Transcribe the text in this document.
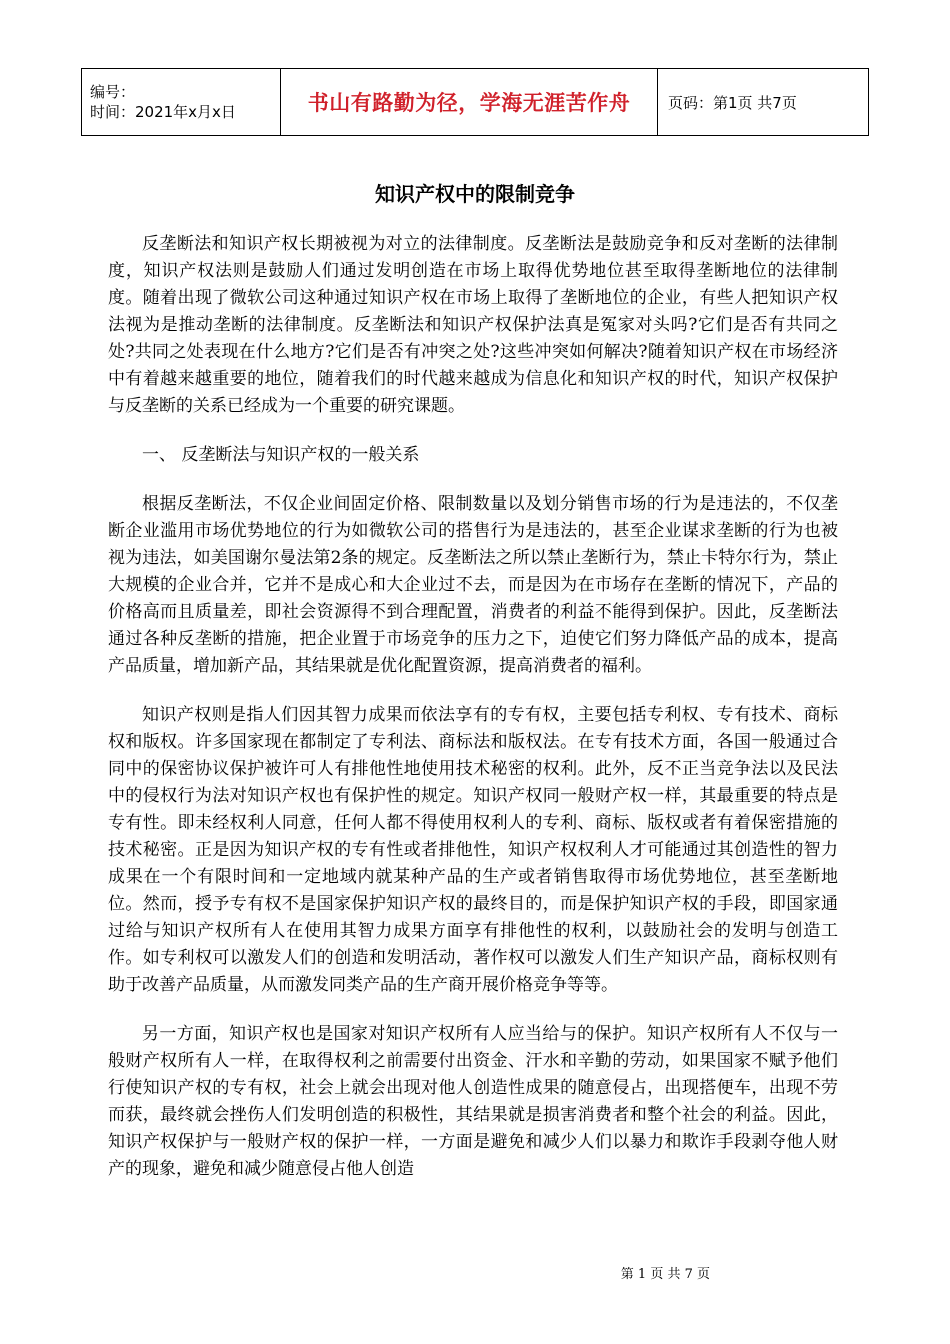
编号：
时间：2021年x月x日	书山有路勤为径，学海无涯苦作舟	页码：第1页 共7页
知识产权中的限制竞争

反垄断法和知识产权长期被视为对立的法律制度。反垄断法是鼓励竞争和反对垄断的法律制度，知识产权法则是鼓励人们通过发明创造在市场上取得优势地位甚至取得垄断地位的法律制度。随着出现了微软公司这种通过知识产权在市场上取得了垄断地位的企业，有些人把知识产权法视为是推动垄断的法律制度。反垄断法和知识产权保护法真是冤家对头吗?它们是否有共同之处?共同之处表现在什么地方?它们是否有冲突之处?这些冲突如何解决?随着知识产权在市场经济中有着越来越重要的地位，随着我们的时代越来越成为信息化和知识产权的时代，知识产权保护与反垄断的关系已经成为一个重要的研究课题。

一、 反垄断法与知识产权的一般关系

根据反垄断法，不仅企业间固定价格、限制数量以及划分销售市场的行为是违法的，不仅垄断企业滥用市场优势地位的行为如微软公司的搭售行为是违法的，甚至企业谋求垄断的行为也被视为违法，如美国谢尔曼法第2条的规定。反垄断法之所以禁止垄断行为，禁止卡特尔行为，禁止大规模的企业合并，它并不是成心和大企业过不去，而是因为在市场存在垄断的情况下，产品的价格高而且质量差，即社会资源得不到合理配置，消费者的利益不能得到保护。因此，反垄断法通过各种反垄断的措施，把企业置于市场竞争的压力之下，迫使它们努力降低产品的成本，提高产品质量，增加新产品，其结果就是优化配置资源，提高消费者的福利。

知识产权则是指人们因其智力成果而依法享有的专有权，主要包括专利权、专有技术、商标权和版权。许多国家现在都制定了专利法、商标法和版权法。在专有技术方面，各国一般通过合同中的保密协议保护被许可人有排他性地使用技术秘密的权利。此外，反不正当竞争法以及民法中的侵权行为法对知识产权也有保护性的规定。知识产权同一般财产权一样，其最重要的特点是专有性。即未经权利人同意，任何人都不得使用权利人的专利、商标、版权或者有着保密措施的技术秘密。正是因为知识产权的专有性或者排他性，知识产权权利人才可能通过其创造性的智力成果在一个有限时间和一定地域内就某种产品的生产或者销售取得市场优势地位，甚至垄断地位。然而，授予专有权不是国家保护知识产权的最终目的，而是保护知识产权的手段，即国家通过给与知识产权所有人在使用其智力成果方面享有排他性的权利，以鼓励社会的发明与创造工作。如专利权可以激发人们的创造和发明活动，著作权可以激发人们生产知识产品，商标权则有助于改善产品质量，从而激发同类产品的生产商开展价格竞争等等。

另一方面，知识产权也是国家对知识产权所有人应当给与的保护。知识产权所有人不仅与一般财产权所有人一样，在取得权利之前需要付出资金、汗水和辛勤的劳动，如果国家不赋予他们行使知识产权的专有权，社会上就会出现对他人创造性成果的随意侵占，出现搭便车，出现不劳而获，最终就会挫伤人们发明创造的积极性，其结果就是损害消费者和整个社会的利益。因此，知识产权保护与一般财产权的保护一样，一方面是避免和减少人们以暴力和欺诈手段剥夺他人财产的现象，避免和减少随意侵占他人创造

第 1 页 共 7 页
